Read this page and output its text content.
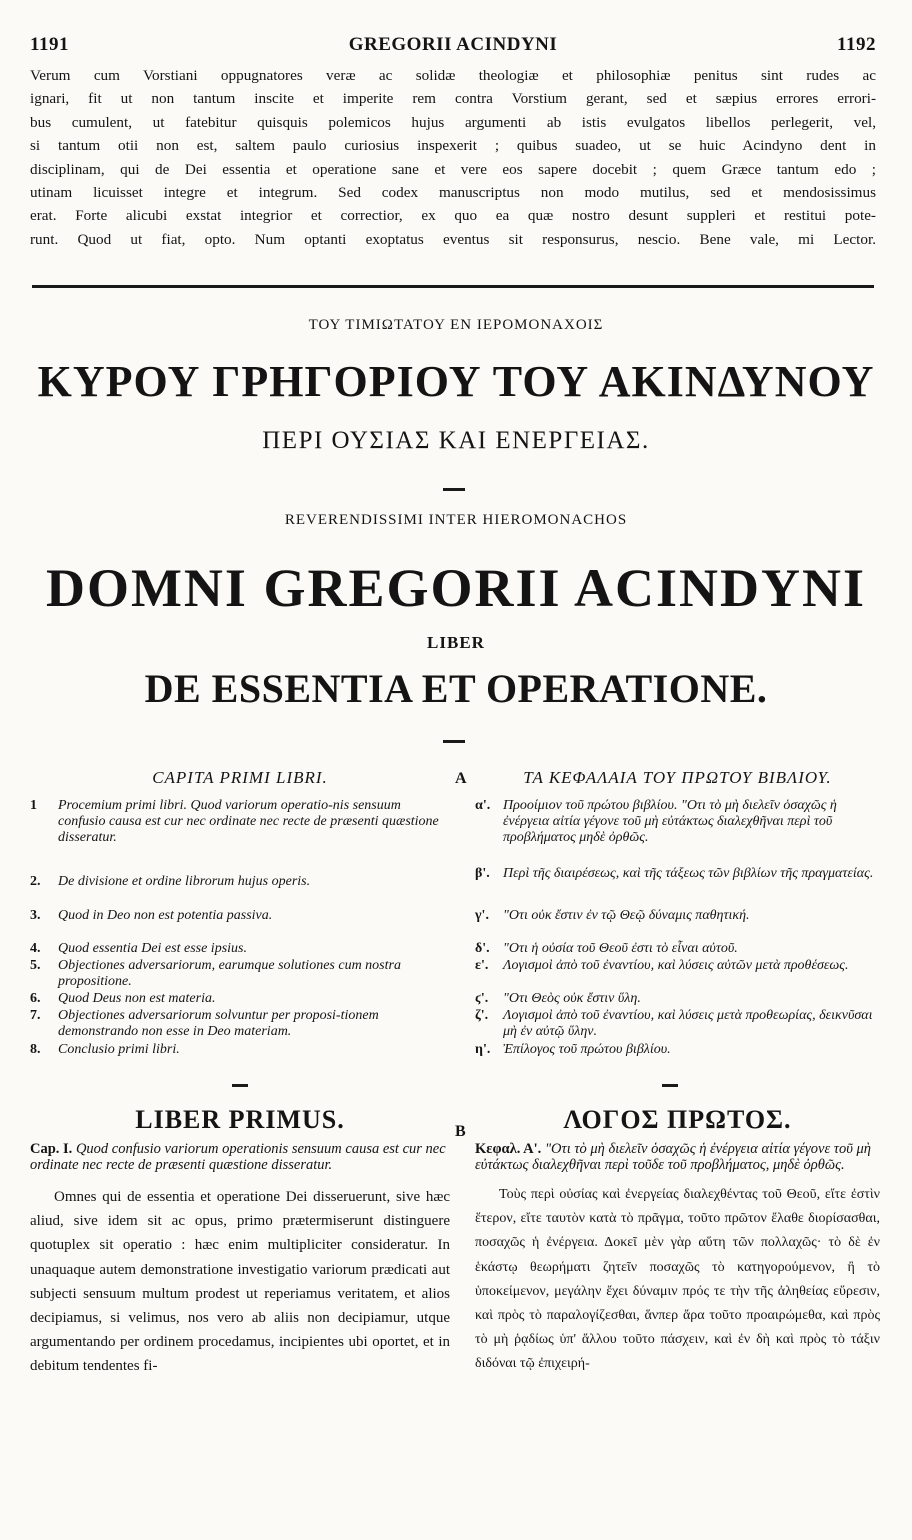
1191	GREGORII ACINDYNI	1192
Verum cum Vorstiani oppugnatores veræ ac solidæ theologiæ et philosophiæ penitus sint rudes ac
ignari, fit ut non tantum inscite et imperite rem contra Vorstium gerant, sed et sæpius errores errori-
bus cumulent, ut fatebitur quisquis polemicos hujus argumenti ab istis evulgatos libellos perlegerit, vel,
si tantum otii non est, saltem paulo curiosius inspexerit ; quibus suadeo, ut se huic Acindyno dent in
disciplinam, qui de Dei essentia et operatione sane et vere eos sapere docebit ; quem Græce tantum edo ;
utinam licuisset integre et integrum. Sed codex manuscriptus non modo mutilus, sed et mendosissimus
erat. Forte alicubi exstat integrior et correctior, ex quo ea quæ nostro desunt suppleri et restitui pote-
runt. Quod ut fiat, opto. Num optanti exoptatus eventus sit responsurus, nescio. Bene vale, mi Lector.
ΤΟΥ ΤΙΜΙΩΤΑΤΟΥ ΕΝ ΙΕΡΟΜΟΝΑΧΟΙΣ
ΚΥΡΟΥ ΓΡΗΓΟΡΙΟΥ ΤΟΥ ΑΚΙΝΔΥΝΟΥ
ΠΕΡΙ ΟΥΣΙΑΣ ΚΑΙ ΕΝΕΡΓΕΙΑΣ.
REVERENDISSIMI INTER HIEROMONACHOS
DOMNI GREGORII ACINDYNI
LIBER
DE ESSENTIA ET OPERATIONE.
CAPITA PRIMI LIBRI.
1	Procemium primi libri. Quod variorum operatio-nis sensuum confusio causa est cur nec ordinate nec recte de præsenti quæstione disseratur.
2.	De divisione et ordine librorum hujus operis.
3.	Quod in Deo non est potentia passiva.
4.	Quod essentia Dei est esse ipsius.
5.	Objectiones adversariorum, earumque solutiones cum nostra propositione.
6.	Quod Deus non est materia.
7.	Objectiones adversariorum solvuntur per proposi-tionem demonstrando non esse in Deo materiam.
8.	Conclusio primi libri.
A	ΤΑ ΚΕΦΑΛΑΙΑ ΤΟΥ ΠΡΩΤΟΥ ΒΙΒΛΙΟΥ.
α'. Προοίμιον τοῦ πρώτου βιβλίου. "Οτι τὸ μὴ διελεῖν ὁσαχῶς ἡ ἐνέργεια αἰτία γέγονε τοῦ μὴ εὐτάκτως διαλεχθῆναι περὶ τοῦ προβλήματος μηδὲ ὀρθῶς.
β'. Περὶ τῆς διαιρέσεως, καὶ τῆς τάξεως τῶν βιβλίων τῆς πραγματείας.
γ'.	"Οτι οὐκ ἔστιν ἐν τῷ Θεῷ δύναμις παθητική.
δ'. "Οτι ἡ οὐσία τοῦ Θεοῦ ἐστι τὸ εἶναι αὐτοῦ.
ε'.	Λογισμοὶ ἀπὸ τοῦ ἐναντίου, καὶ λύσεις αὐτῶν μετὰ προθέσεως.
ϛ'.	"Οτι Θεὸς οὐκ ἔστιν ὕλη.
ζ'.	Λογισμοὶ ἀπὸ τοῦ ἐναντίου, καὶ λύσεις μετὰ προθεωρίας, δεικνῦσαι μὴ ἐν αὐτῷ ὕλην.
η'. Ἐπίλογος τοῦ πρώτου βιβλίου.
LIBER PRIMUS.
Cap. I. Quod confusio variorum operationis sensuum causa est cur nec ordinate nec recte de præsenti quæstione disseratur.

Omnes qui de essentia et operatione Dei disseruerunt, sive hæc aliud, sive idem sit ac opus, primo prætermiserunt distinguere quotuplex sit operatio : hæc enim multipliciter consideratur. In unaquaque autem demonstratione investigatio variorum prædicati aut subjecti sensuum multum prodest ut reperiamus veritatem, et alios decipiamus, si velimus, nos vero ab aliis non decipiamur, utque argumentando per ordinem procedamus, incipientes ubi oportet, et in debitum tendentes fi-

B	ΛΟΓΟΣ ΠΡΩΤΟΣ.
Κεφαλ. Α'. "Οτι τὸ μὴ διελεῖν ὁσαχῶς ἡ ἐνέργεια αἰτία γέγονε τοῦ μὴ εὐτάκτως διαλεχθῆναι περὶ τοῦδε τοῦ προβλήματος, μηδὲ ὀρθῶς.

Τοὺς περὶ οὐσίας καὶ ἐνεργείας διαλεχθέντας τοῦ Θεοῦ, εἴτε ἐστὶν ἕτερον, εἴτε ταυτὸν κατὰ τὸ πρᾶγμα, τοῦτο πρῶτον ἔλαθε διορίσασθαι, ποσαχῶς ἡ ἐνέργεια. Δοκεῖ μὲν γὰρ αὕτη τῶν πολλαχῶς· τὸ δὲ ἐν ἑκάστῳ θεωρήματι ζητεῖν ποσαχῶς τὸ κατηγορούμενον, ἢ τὸ ὑποκείμενον, μεγάλην ἔχει δύναμιν πρός τε τὴν τῆς ἀληθείας εὕρεσιν, καὶ πρὸς τὸ παραλογίζεσθαι, ἅνπερ ἄρα τοῦτο προαιρώμεθα, καὶ πρὸς τὸ μὴ ῥᾳδίως ὑπ' ἄλλου τοῦτο πάσχειν, καὶ ἐν δὴ καὶ πρὸς τὸ τάξιν διδόναι τῷ ἐπιχειρή-
